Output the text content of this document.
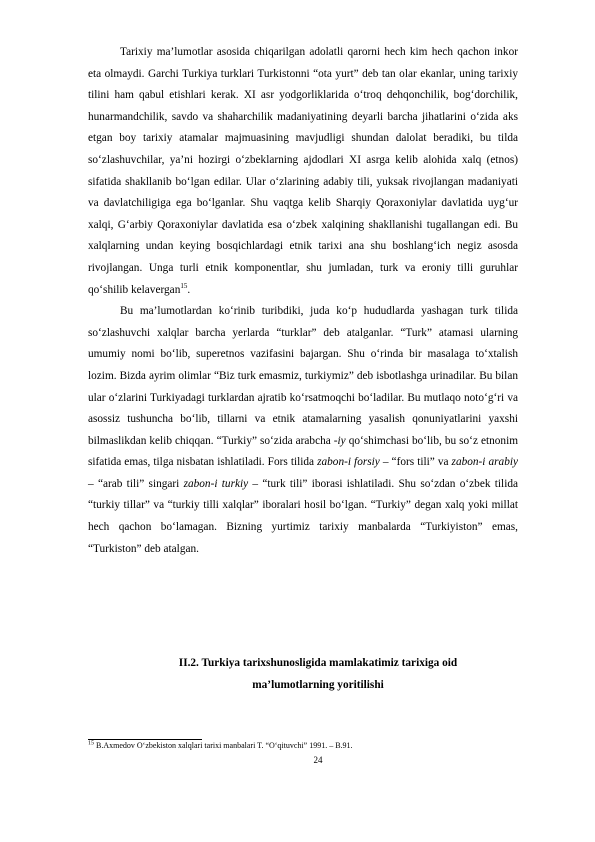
Tarixiy ma’lumotlar asosida chiqarilgan adolatli qarorni hech kim hech qachon inkor eta olmaydi. Garchi Turkiya turklari Turkistonni “ota yurt” deb tan olar ekanlar, uning tarixiy tilini ham qabul etishlari kerak. XI asr yodgorliklarida o‘troq dehqonchilik, bog‘dorchilik, hunarmandchilik, savdo va shaharchilik madaniyatining deyarli barcha jihatlarini o‘zida aks etgan boy tarixiy atamalar majmuasining mavjudligi shundan dalolat beradiki, bu tilda so‘zlashuvchilar, ya’ni hozirgi o‘zbeklarning ajdodlari XI asrga kelib alohida xalq (etnos) sifatida shakllanib bo‘lgan edilar. Ular o‘zlarining adabiy tili, yuksak rivojlangan madaniyati va davlatchiligiga ega bo‘lganlar. Shu vaqtga kelib Sharqiy Qoraxoniylar davlatida uyg‘ur xalqi, G‘arbiy Qoraxoniylar davlatida esa o‘zbek xalqining shakllanishi tugallangan edi. Bu xalqlarning undan keying bosqichlardagi etnik tarixi ana shu boshlang‘ich negiz asosda rivojlangan. Unga turli etnik komponentlar, shu jumladan, turk va eroniy tilli guruhlar qo‘shilib kelavergan$^{15}$.

Bu ma’lumotlardan ko‘rinib turibdiki, juda ko‘p hududlarda yashagan turk tilida so‘zlashuvchi xalqlar barcha yerlarda “turklar” deb atalganlar. “Turk” atamasi ularning umumiy nomi bo‘lib, superetnos vazifasini bajargan. Shu o‘rinda bir masalaga to‘xtalish lozim. Bizda ayrim olimlar “Biz turk emasmiz, turkiymiz” deb isbotlashga urinadilar. Bu bilan ular o‘zlarini Turkiyadagi turklardan ajratib ko‘rsatmoqchi bo‘ladilar. Bu mutlaqo noto‘g‘ri va asossiz tushuncha bo‘lib, tillarni va etnik atamalarning yasalish qonuniyatlarini yaxshi bilmaslikdan kelib chiqqan. “Turkiy” so‘zida arabcha -iy qo‘shimchasi bo‘lib, bu so‘z etnonim sifatida emas, tilga nisbatan ishlatiladi. Fors tilida zabon-i forsiy – “fors tili” va zabon-i arabiy – “arab tili” singari zabon-i turkiy – “turk tili” iborasi ishlatiladi. Shu so‘zdan o‘zbek tilida “turkiy tillar” va “turkiy tilli xalqlar” iboralari hosil bo‘lgan. “Turkiy” degan xalq yoki millat hech qachon bo‘lamagan. Bizning yurtimiz tarixiy manbalarda “Turkiyiston” emas, “Turkiston” deb atalgan.

II.2. Turkiya tarixshunosligida mamlakatimiz tarixiga oid
ma’lumotlarning yoritilishi
$^{15}$ B.Axmedov O‘zbekiston xalqlari tarixi manbalari T. “O‘qituvchi” 1991. – B.91.
24
